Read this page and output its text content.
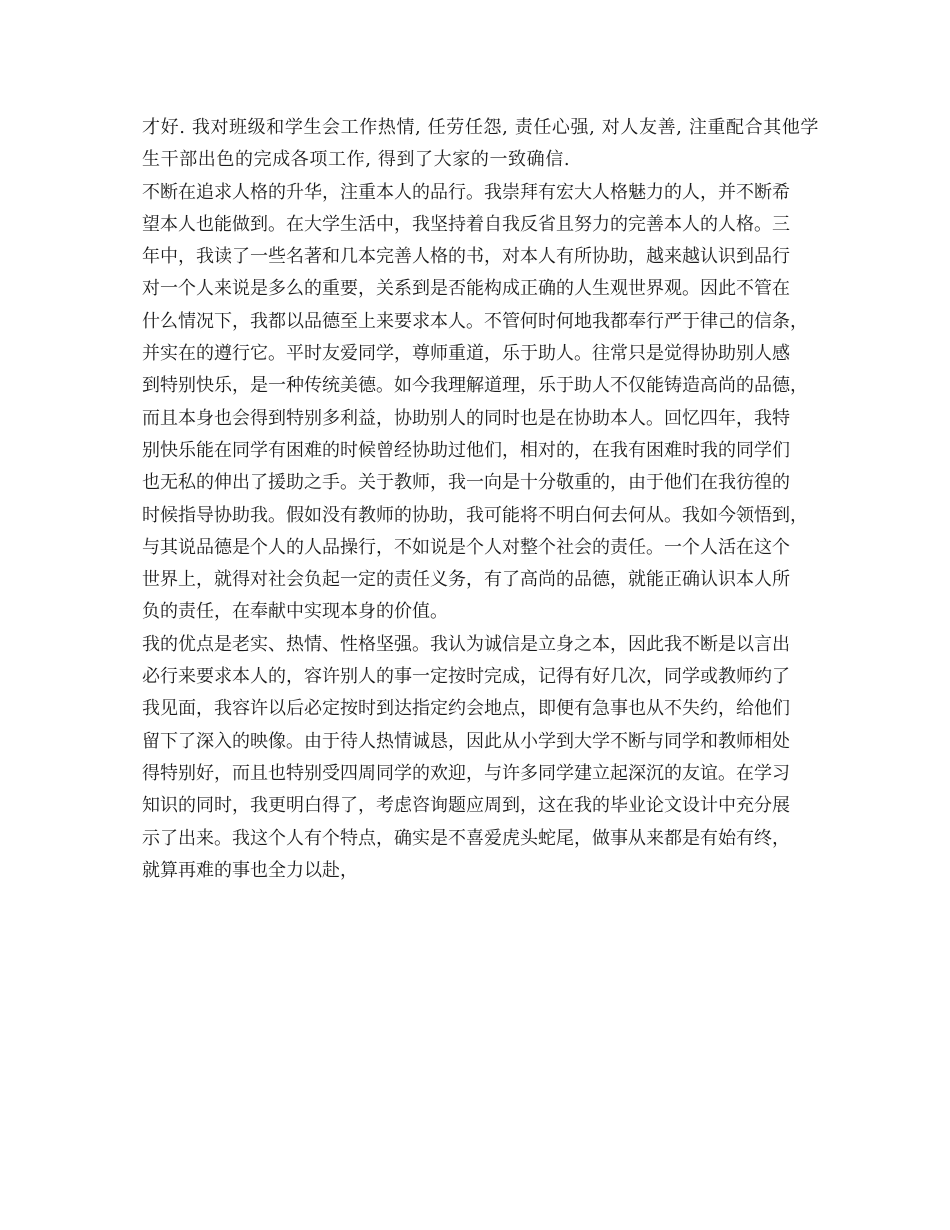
才好. 我对班级和学生会工作热情, 任劳任怨, 责任心强, 对人友善, 注重配合其他学
生干部出色的完成各项工作, 得到了大家的一致确信.
不断在追求人格的升华，注重本人的品行。我崇拜有宏大人格魅力的人，并不断希
望本人也能做到。在大学生活中，我坚持着自我反省且努力的完善本人的人格。三
年中，我读了一些名著和几本完善人格的书，对本人有所协助，越来越认识到品行
对一个人来说是多么的重要，关系到是否能构成正确的人生观世界观。因此不管在
什么情况下，我都以品德至上来要求本人。不管何时何地我都奉行严于律己的信条，
并实在的遵行它。平时友爱同学，尊师重道，乐于助人。往常只是觉得协助别人感
到特别快乐，是一种传统美德。如今我理解道理，乐于助人不仅能铸造高尚的品德，
而且本身也会得到特别多利益，协助别人的同时也是在协助本人。回忆四年，我特
别快乐能在同学有困难的时候曾经协助过他们，相对的，在我有困难时我的同学们
也无私的伸出了援助之手。关于教师，我一向是十分敬重的，由于他们在我彷徨的
时候指导协助我。假如没有教师的协助，我可能将不明白何去何从。我如今领悟到，
与其说品德是个人的人品操行，不如说是个人对整个社会的责任。一个人活在这个
世界上，就得对社会负起一定的责任义务，有了高尚的品德，就能正确认识本人所
负的责任，在奉献中实现本身的价值。
我的优点是老实、热情、性格坚强。我认为诚信是立身之本，因此我不断是以言出
必行来要求本人的，容许别人的事一定按时完成，记得有好几次，同学或教师约了
我见面，我容许以后必定按时到达指定约会地点，即便有急事也从不失约，给他们
留下了深入的映像。由于待人热情诚恳，因此从小学到大学不断与同学和教师相处
得特别好，而且也特别受四周同学的欢迎，与许多同学建立起深沉的友谊。在学习
知识的同时，我更明白得了，考虑咨询题应周到，这在我的毕业论文设计中充分展
示了出来。我这个人有个特点，确实是不喜爱虎头蛇尾，做事从来都是有始有终，
就算再难的事也全力以赴，
